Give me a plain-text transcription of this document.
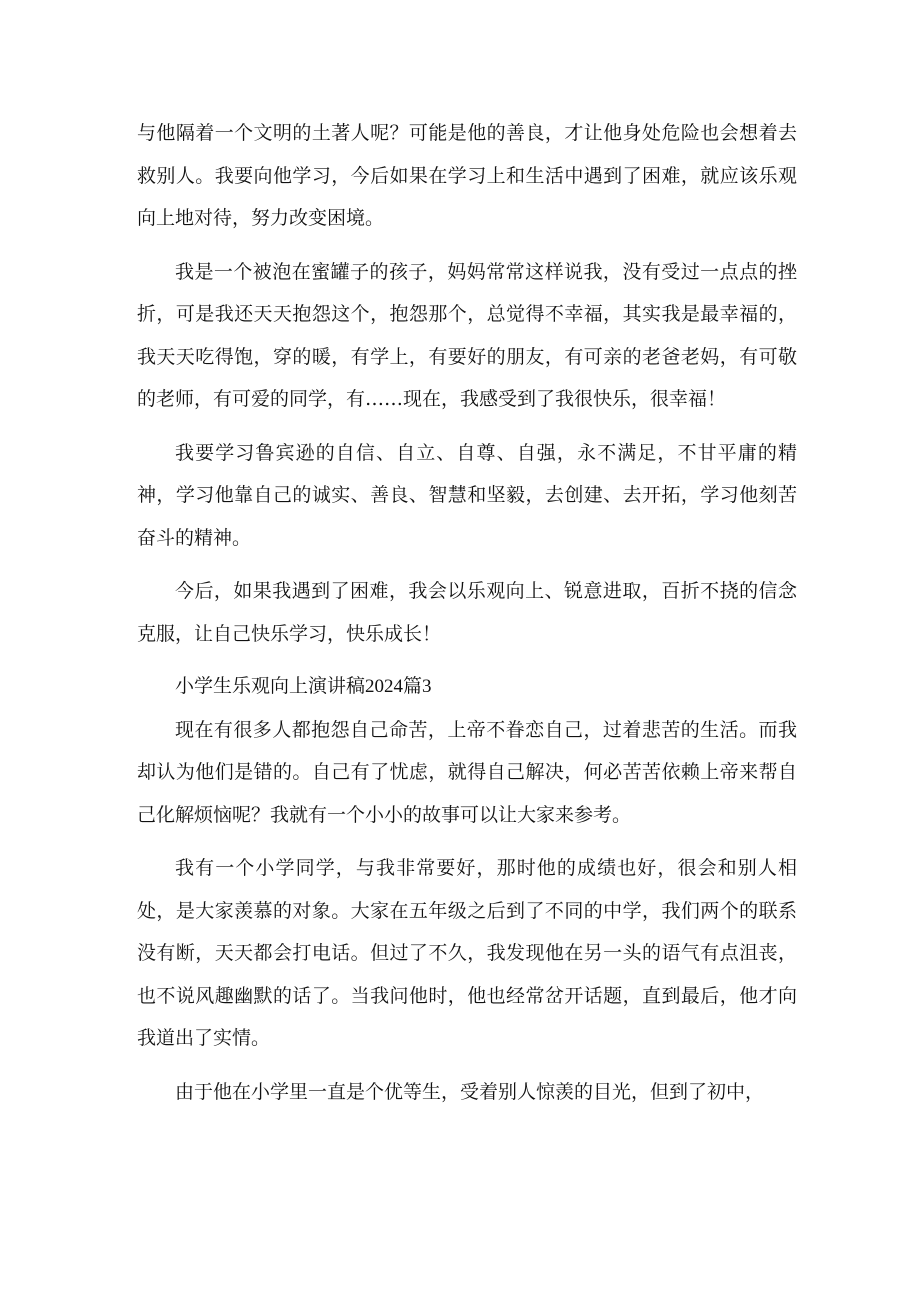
与他隔着一个文明的土著人呢？可能是他的善良，才让他身处危险也会想着去救别人。我要向他学习，今后如果在学习上和生活中遇到了困难，就应该乐观向上地对待，努力改变困境。

我是一个被泡在蜜罐子的孩子，妈妈常常这样说我，没有受过一点点的挫折，可是我还天天抱怨这个，抱怨那个，总觉得不幸福，其实我是最幸福的，我天天吃得饱，穿的暖，有学上，有要好的朋友，有可亲的老爸老妈，有可敬的老师，有可爱的同学，有……现在，我感受到了我很快乐，很幸福！

我要学习鲁宾逊的自信、自立、自尊、自强，永不满足，不甘平庸的精神，学习他靠自己的诚实、善良、智慧和坚毅，去创建、去开拓，学习他刻苦奋斗的精神。

今后，如果我遇到了困难，我会以乐观向上、锐意进取，百折不挠的信念克服，让自己快乐学习，快乐成长！

小学生乐观向上演讲稿2024篇3

现在有很多人都抱怨自己命苦，上帝不眷恋自己，过着悲苦的生活。而我却认为他们是错的。自己有了忧虑，就得自己解决，何必苦苦依赖上帝来帮自己化解烦恼呢？我就有一个小小的故事可以让大家来参考。

我有一个小学同学，与我非常要好，那时他的成绩也好，很会和别人相处，是大家羡慕的对象。大家在五年级之后到了不同的中学，我们两个的联系没有断，天天都会打电话。但过了不久，我发现他在另一头的语气有点沮丧，也不说风趣幽默的话了。当我问他时，他也经常岔开话题，直到最后，他才向我道出了实情。

由于他在小学里一直是个优等生，受着别人惊羡的目光，但到了初中，
